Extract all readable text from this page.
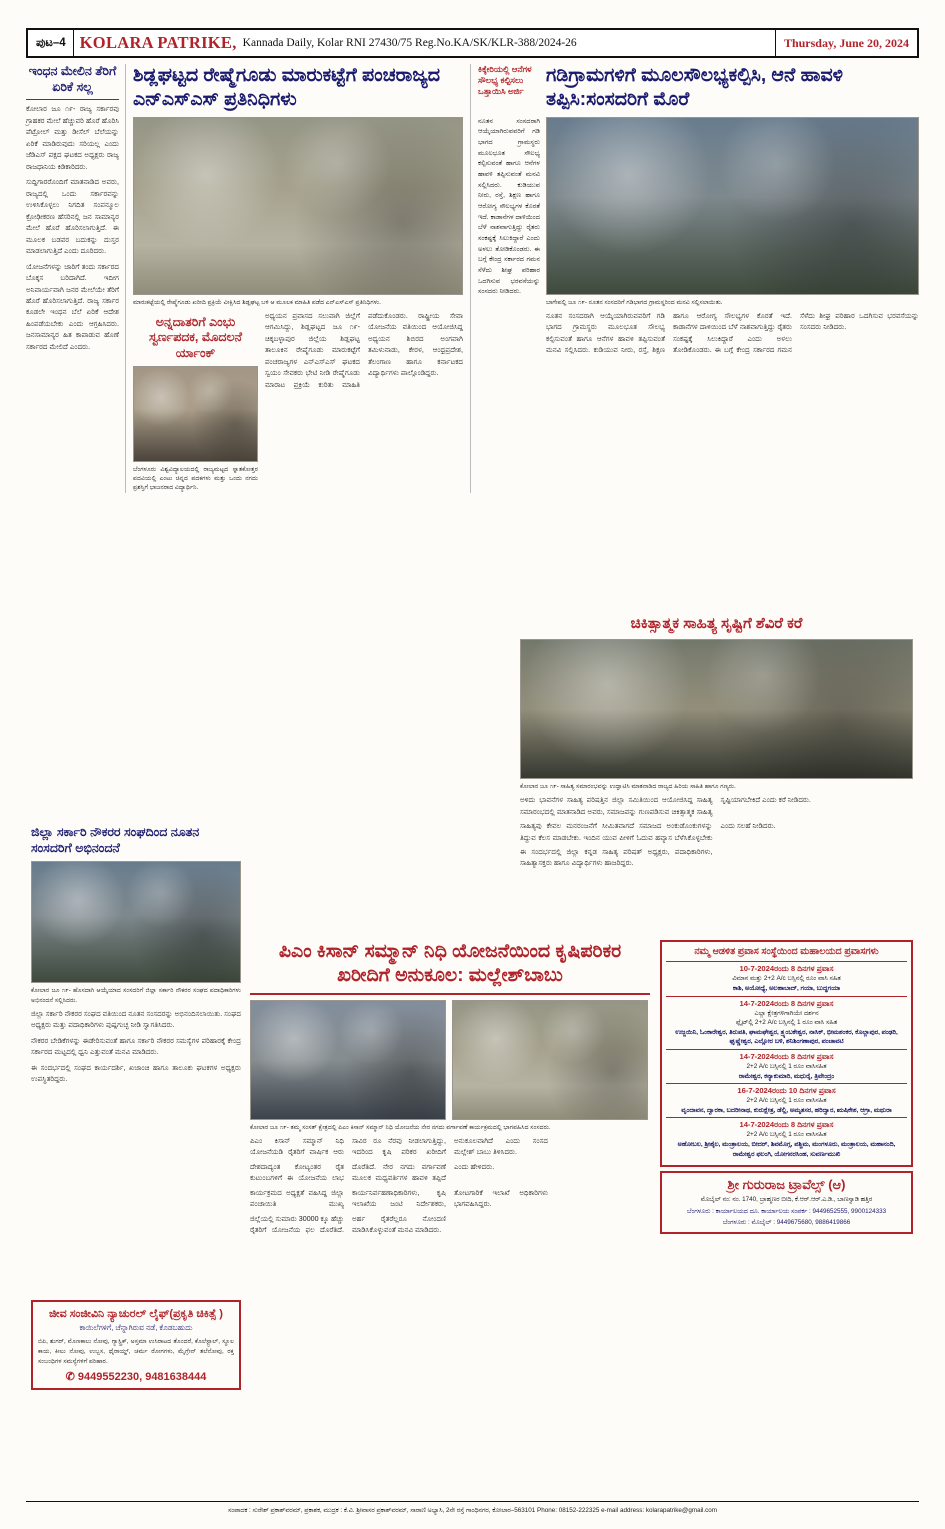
ಪುಟ–4 KOLARA PATRIKE, Kannada Daily, Kolar RNI 27430/75 Reg.No.KA/SK/KLR-388/2024-26	Thursday, June 20, 2024
ಇಂಧನ ಮೇಲಿನ ತೆರಿಗೆ ಏರಿಕೆ ಸಲ್ಲ
ಕೋಲಾರ ಜೂ ೧೯- ರಾಜ್ಯ ಸರ್ಕಾರವು ಗ್ರಾಹಕರ ಮೇಲೆ ಹೆಚ್ಚುವರಿ ಹೊರೆ ಹೊರಿಸಿ ಪೆಟ್ರೋಲ್ ಮತ್ತು ಡೀಸೆಲ್ ಬೆಲೆಯನ್ನು ಏರಿಕೆ ಮಾಡಿರುವುದು ಸರಿಯಲ್ಲ ಎಂದು ಜೆಡಿಎಸ್ ಪಕ್ಷದ ಘಟಕದ ಅಧ್ಯಕ್ಷರು ರಾಜ್ಯ ರಾಜಧಾನಿಯ ಕಿಡಿಕಾರಿದರು.
ಸುದ್ದಿಗಾರರೊಂದಿಗೆ ಮಾತನಾಡಿದ ಅವರು, ರಾಜ್ಯದಲ್ಲಿ ಒಂದು ಸರ್ಕಾರವನ್ನು ಉಳಿಸಿಕೊಳ್ಳಲು ನಿಗದಿತ ಸಂಪನ್ಮೂಲ ಕ್ರೋಢೀಕರಣ ಹೆಸರಿನಲ್ಲಿ ಜನ ಸಾಮಾನ್ಯರ ಮೇಲೆ ಹೊರೆ ಹೊರಿಸಲಾಗುತ್ತಿದೆ. ಈ ಮೂಲಕ ಬಡವರ ಬದುಕನ್ನು ದುಸ್ತರ ಮಾಡಲಾಗುತ್ತಿದೆ ಎಂದು ದೂರಿದರು.
ಯೋಜನೆಗಳನ್ನು ಜಾರಿಗೆ ತಂದು ಸರ್ಕಾರದ ಬೊಕ್ಕಸ ಬರಿದಾಗಿದೆ. ಇದೀಗ ಅನಿವಾರ್ಯವಾಗಿ ಜನರ ಮೇಲೆಯೇ ತೆರಿಗೆ ಹೊರೆ ಹೊರಿಸಲಾಗುತ್ತಿದೆ. ರಾಜ್ಯ ಸರ್ಕಾರ ಕೂಡಲೇ ಇಂಧನ ಬೆಲೆ ಏರಿಕೆ ಆದೇಶ ಹಿಂಪಡೆಯಬೇಕು ಎಂದು ಆಗ್ರಹಿಸಿದರು. ಜನಸಾಮಾನ್ಯರ ಹಿತ ಕಾಪಾಡುವ ಹೊಣೆ ಸರ್ಕಾರದ ಮೇಲಿದೆ ಎಂದರು.
ಶಿಡ್ಲಘಟ್ಟದ ರೇಷ್ಮೆಗೂಡು ಮಾರುಕಟ್ಟೆಗೆ ಪಂಚರಾಜ್ಯದ ಎನ್ಎಸ್ಎಸ್ ಪ್ರತಿನಿಧಿಗಳು
ಮಾರುಕಟ್ಟೆಯಲ್ಲಿ ರೇಷ್ಮೆಗೂಡು ಖರೀದಿ ಪ್ರಕ್ರಿಯೆ ವೀಕ್ಷಿಸಿದ ಶಿಡ್ಲಘಟ್ಟ ಬಳಿ ಆ ಮೂಲಕ ಮಾಹಿತಿ ಪಡೆದ ಎನ್ಎಸ್ಎಸ್ ಪ್ರತಿನಿಧಿಗಳು.
ಅನ್ನದಾತರಿಗೆ ಎಂಭು ಸ್ವರ್ಣಪದಕ, ಮೊದಲನೆ ರ್ಯಾಂಕ್
ಬೆಂಗಳೂರು ವಿಶ್ವವಿದ್ಯಾಲಯದಲ್ಲಿ ರಾಜ್ಯಮಟ್ಟದ ಸ್ನಾತಕೋತ್ತರ ಪದವಿಯಲ್ಲಿ ಎಂಟು ಚಿನ್ನದ ಪದಕಗಳು ಮತ್ತು ಒಂದು ನಗದು ಪ್ರಶಸ್ತಿಗೆ ಭಾಜನರಾದ ವಿದ್ಯಾರ್ಥಿನಿ.
ಅಧ್ಯಯನ ಪ್ರವಾಸದ ಸಲುವಾಗಿ ಜಿಲ್ಲೆಗೆ ಆಗಮಿಸಿದ್ದು, ಶಿಡ್ಲಘಟ್ಟದ ಜೂ ೧೯- ಚಿಕ್ಕಬಳ್ಳಾಪುರ ಜಿಲ್ಲೆಯ ಶಿಡ್ಲಘಟ್ಟ ತಾಲೂಕಿನ ರೇಷ್ಮೆಗೂಡು ಮಾರುಕಟ್ಟೆಗೆ ಪಂಚರಾಜ್ಯಗಳ ಎನ್ಎಸ್ಎಸ್ ಘಟಕದ ಸ್ವಯಂ ಸೇವಕರು ಭೇಟಿ ನೀಡಿ ರೇಷ್ಮೆಗೂಡು ಮಾರಾಟ ಪ್ರಕ್ರಿಯೆ ಕುರಿತು ಮಾಹಿತಿ ಪಡೆದುಕೊಂಡರು. ರಾಷ್ಟ್ರೀಯ ಸೇವಾ ಯೋಜನೆಯ ವತಿಯಿಂದ ಆಯೋಜಿಸಿದ್ದ ಅಧ್ಯಯನ ಶಿಬಿರದ ಅಂಗವಾಗಿ ತಮಿಳುನಾಡು, ಕೇರಳ, ಆಂಧ್ರಪ್ರದೇಶ, ತೆಲಂಗಾಣ ಹಾಗೂ ಕರ್ನಾಟಕದ ವಿದ್ಯಾರ್ಥಿಗಳು ಪಾಲ್ಗೊಂಡಿದ್ದರು.
ಕಿಕ್ಕೇರಿಯಲ್ಲಿ ಆನೆಗಳ ಸೌಲಭ್ಯ ಕಲ್ಪಿಸಲು ಒತ್ತಾಯಿಸಿ ಅರ್ಜಿ
ಗಡಿಗ್ರಾಮಗಳಿಗೆ ಮೂಲಸೌಲಭ್ಯಕಲ್ಪಿಸಿ, ಆನೆ ಹಾವಳಿ ತಪ್ಪಿಸಿ:ಸಂಸದರಿಗೆ ಮೊರೆ
ನೂತನ ಸಂಸದರಾಗಿ ಆಯ್ಕೆಯಾಗಿರುವವರಿಗೆ ಗಡಿ ಭಾಗದ ಗ್ರಾಮಸ್ಥರು ಮೂಲಭೂತ ಸೌಲಭ್ಯ ಕಲ್ಪಿಸುವಂತೆ ಹಾಗೂ ಆನೆಗಳ ಹಾವಳಿ ತಪ್ಪಿಸುವಂತೆ ಮನವಿ ಸಲ್ಲಿಸಿದರು. ಕುಡಿಯುವ ನೀರು, ರಸ್ತೆ, ಶಿಕ್ಷಣ ಹಾಗೂ ಆರೋಗ್ಯ ಸೌಲಭ್ಯಗಳ ಕೊರತೆ ಇದೆ. ಕಾಡಾನೆಗಳ ದಾಳಿಯಿಂದ ಬೆಳೆ ನಾಶವಾಗುತ್ತಿದ್ದು ರೈತರು ಸಂಕಷ್ಟಕ್ಕೆ ಸಿಲುಕಿದ್ದಾರೆ ಎಂದು ಅಳಲು ತೋಡಿಕೊಂಡರು. ಈ ಬಗ್ಗೆ ಕೇಂದ್ರ ಸರ್ಕಾರದ ಗಮನ ಸೆಳೆದು ಶೀಘ್ರ ಪರಿಹಾರ ಒದಗಿಸುವ ಭರವಸೆಯನ್ನು ಸಂಸದರು ನೀಡಿದರು.
ಬಾಗೇಪಲ್ಲಿ ಜೂ ೧೯- ನೂತನ ಸಂಸದರಿಗೆ ಗಡಿಭಾಗದ ಗ್ರಾಮಸ್ಥರಿಂದ ಮನವಿ ಸಲ್ಲಿಸಲಾಯಿತು.
ನೂತನ ಸಂಸದರಾಗಿ ಆಯ್ಕೆಯಾಗಿರುವವರಿಗೆ ಗಡಿ ಭಾಗದ ಗ್ರಾಮಸ್ಥರು ಮೂಲಭೂತ ಸೌಲಭ್ಯ ಕಲ್ಪಿಸುವಂತೆ ಹಾಗೂ ಆನೆಗಳ ಹಾವಳಿ ತಪ್ಪಿಸುವಂತೆ ಮನವಿ ಸಲ್ಲಿಸಿದರು. ಕುಡಿಯುವ ನೀರು, ರಸ್ತೆ, ಶಿಕ್ಷಣ ಹಾಗೂ ಆರೋಗ್ಯ ಸೌಲಭ್ಯಗಳ ಕೊರತೆ ಇದೆ. ಕಾಡಾನೆಗಳ ದಾಳಿಯಿಂದ ಬೆಳೆ ನಾಶವಾಗುತ್ತಿದ್ದು ರೈತರು ಸಂಕಷ್ಟಕ್ಕೆ ಸಿಲುಕಿದ್ದಾರೆ ಎಂದು ಅಳಲು ತೋಡಿಕೊಂಡರು. ಈ ಬಗ್ಗೆ ಕೇಂದ್ರ ಸರ್ಕಾರದ ಗಮನ ಸೆಳೆದು ಶೀಘ್ರ ಪರಿಹಾರ ಒದಗಿಸುವ ಭರವಸೆಯನ್ನು ಸಂಸದರು ನೀಡಿದರು.
ಚಿಕಿತ್ಸಾತ್ಮಕ ಸಾಹಿತ್ಯ ಸೃಷ್ಟಿಗೆ ಶೆವಿರೆ ಕರೆ
ಕೋಲಾರ ಜೂ ೧೯- ಸಾಹಿತ್ಯ ಸಮಾರಂಭವನ್ನು ಉದ್ಘಾಟಿಸಿ ಮಾತನಾಡಿದ ರಾಜ್ಯದ ಹಿರಿಯ ಸಾಹಿತಿ ಹಾಗೂ ಗಣ್ಯರು.
ಅಳಿದು ಭಾವನೆಗಳ ಸಾಹಿತ್ಯ ಪರಿಷತ್ತಿನ ಜಿಲ್ಲಾ ಸಮಿತಿಯಿಂದ ಆಯೋಜಿಸಿದ್ದ ಸಾಹಿತ್ಯ ಸಮಾರಂಭದಲ್ಲಿ ಮಾತನಾಡಿದ ಅವರು, ಸಮಾಜವನ್ನು ಗುಣಪಡಿಸುವ ಚಿಕಿತ್ಸಾತ್ಮಕ ಸಾಹಿತ್ಯ ಸೃಷ್ಟಿಯಾಗಬೇಕಿದೆ ಎಂದು ಕರೆ ನೀಡಿದರು.
ಸಾಹಿತ್ಯವು ಕೇವಲ ಮನರಂಜನೆಗೆ ಸೀಮಿತವಾಗದೆ ಸಮಾಜದ ಅಂಕುಡೊಂಕುಗಳನ್ನು ತಿದ್ದುವ ಕೆಲಸ ಮಾಡಬೇಕು. ಇಂದಿನ ಯುವ ಪೀಳಿಗೆ ಓದುವ ಹವ್ಯಾಸ ಬೆಳೆಸಿಕೊಳ್ಳಬೇಕು ಎಂದು ಸಲಹೆ ನೀಡಿದರು.
ಈ ಸಂದರ್ಭದಲ್ಲಿ ಜಿಲ್ಲಾ ಕನ್ನಡ ಸಾಹಿತ್ಯ ಪರಿಷತ್ ಅಧ್ಯಕ್ಷರು, ಪದಾಧಿಕಾರಿಗಳು, ಸಾಹಿತ್ಯಾಸಕ್ತರು ಹಾಗೂ ವಿದ್ಯಾರ್ಥಿಗಳು ಹಾಜರಿದ್ದರು.
ಜಿಲ್ಲಾ ಸರ್ಕಾರಿ ನೌಕರರ ಸಂಘದಿಂದ ನೂತನ ಸಂಸದರಿಗೆ ಅಭಿನಂದನೆ
ಕೋಲಾರ ಜೂ ೧೯- ಹೊಸದಾಗಿ ಆಯ್ಕೆಯಾದ ಸಂಸದರಿಗೆ ಜಿಲ್ಲಾ ಸರ್ಕಾರಿ ನೌಕರರ ಸಂಘದ ಪದಾಧಿಕಾರಿಗಳು ಅಭಿನಂದನೆ ಸಲ್ಲಿಸಿದರು.
ಜಿಲ್ಲಾ ಸರ್ಕಾರಿ ನೌಕರರ ಸಂಘದ ವತಿಯಿಂದ ನೂತನ ಸಂಸದರನ್ನು ಅಭಿನಂದಿಸಲಾಯಿತು. ಸಂಘದ ಅಧ್ಯಕ್ಷರು ಮತ್ತು ಪದಾಧಿಕಾರಿಗಳು ಪುಷ್ಪಗುಚ್ಛ ನೀಡಿ ಸ್ವಾಗತಿಸಿದರು.
ನೌಕರರ ಬೇಡಿಕೆಗಳನ್ನು ಈಡೇರಿಸುವಂತೆ ಹಾಗೂ ಸರ್ಕಾರಿ ನೌಕರರ ಸಮಸ್ಯೆಗಳ ಪರಿಹಾರಕ್ಕೆ ಕೇಂದ್ರ ಸರ್ಕಾರದ ಮಟ್ಟದಲ್ಲಿ ಧ್ವನಿ ಎತ್ತುವಂತೆ ಮನವಿ ಮಾಡಿದರು.
ಈ ಸಂದರ್ಭದಲ್ಲಿ ಸಂಘದ ಕಾರ್ಯದರ್ಶಿ, ಖಜಾಂಚಿ ಹಾಗೂ ತಾಲೂಕು ಘಟಕಗಳ ಅಧ್ಯಕ್ಷರು ಉಪಸ್ಥಿತರಿದ್ದರು.
ಜೀವ ಸಂಜೀವಿನಿ ನ್ಯಾಚುರಲ್ ಲೈಫ್(ಪ್ರಕೃತಿ ಚಿಕಿತ್ಸೆ )
ಕಾಯಿಲೆಗಳಿಗೆ, ಚೆನ್ನಾಗಿರುವ ನಡೆ, ಕೊಡಬಹುದು
ಬಿಪಿ, ಶುಗರ್, ಮೊಣಕಾಲು ನೋವು, ಗ್ಯಾಸ್ಟ್ರಿಕ್, ಅಸ್ತಮಾ ಉಸಿರಾಟದ ತೊಂದರೆ, ಕೊಲೆಸ್ಟ್ರಾಲ್, ಸ್ಥೂಲ ಕಾಯ, ಕೀಲು ನೋವು, ಉಬ್ಬಸ, ಥೈರಾಯ್ಡ್, ಚರ್ಮ ರೋಗಗಳು, ಮೈಗ್ರೇನ್ ತಲೆನೋವು, ರಕ್ತ ಸಂಬಂಧಿಗಳ ಸಮಸ್ಯೆಗಳಿಗೆ ಪರಿಹಾರ.
✆ 9449552230, 9481638444
ಪಿಎಂ ಕಿಸಾನ್ ಸಮ್ಮಾನ್ ನಿಧಿ ಯೋಜನೆಯಿಂದ ಕೃಷಿಪರಿಕರ ಖರೀದಿಗೆ ಅನುಕೂಲ: ಮಲ್ಲೇಶ್‌ಬಾಬು
ಕೋಲಾರ ಜೂ ೧೯- ತಮ್ಮ ಸಂಸತ್ ಕ್ಷೇತ್ರದಲ್ಲಿ ಪಿಎಂ ಕಿಸಾನ್ ಸಮ್ಮಾನ್ ನಿಧಿ ಯೋಜನೆಯ ನೇರ ನಗದು ವರ್ಗಾವಣೆ ಕಾರ್ಯಕ್ರಮದಲ್ಲಿ ಭಾಗವಹಿಸಿದ ಸಂಸದರು.
ಪಿಎಂ ಕಿಸಾನ್ ಸಮ್ಮಾನ್ ನಿಧಿ ಯೋಜನೆಯಡಿ ರೈತರಿಗೆ ವಾರ್ಷಿಕ ಆರು ಸಾವಿರ ರೂ ನೆರವು ನೀಡಲಾಗುತ್ತಿದ್ದು, ಇದರಿಂದ ಕೃಷಿ ಪರಿಕರ ಖರೀದಿಗೆ ಅನುಕೂಲವಾಗಿದೆ ಎಂದು ಸಂಸದ ಮಲ್ಲೇಶ್ ಬಾಬು ತಿಳಿಸಿದರು.
ದೇಶದಾದ್ಯಂತ ಕೋಟ್ಯಂತರ ರೈತ ಕುಟುಂಬಗಳಿಗೆ ಈ ಯೋಜನೆಯ ಲಾಭ ದೊರೆತಿದೆ. ನೇರ ನಗದು ವರ್ಗಾವಣೆ ಮೂಲಕ ಮಧ್ಯವರ್ತಿಗಳ ಹಾವಳಿ ತಪ್ಪಿದೆ ಎಂದು ಹೇಳಿದರು.
ಕಾರ್ಯಕ್ರಮದ ಅಧ್ಯಕ್ಷತೆ ವಹಿಸಿದ್ದ ಜಿಲ್ಲಾ ಪಂಚಾಯಿತಿ ಮುಖ್ಯ ಕಾರ್ಯನಿರ್ವಹಣಾಧಿಕಾರಿಗಳು, ಕೃಷಿ ಇಲಾಖೆಯ ಜಂಟಿ ನಿರ್ದೇಶಕರು, ತೋಟಗಾರಿಕೆ ಇಲಾಖೆ ಅಧಿಕಾರಿಗಳು ಭಾಗವಹಿಸಿದ್ದರು.
ಜಿಲ್ಲೆಯಲ್ಲಿ ಸುಮಾರು 30000 ಕ್ಕೂ ಹೆಚ್ಚು ರೈತರಿಗೆ ಯೋಜನೆಯ ಫಲ ದೊರೆತಿದೆ. ಅರ್ಹ ರೈತರೆಲ್ಲರೂ ನೋಂದಣಿ ಮಾಡಿಸಿಕೊಳ್ಳುವಂತೆ ಮನವಿ ಮಾಡಿದರು.
ನಮ್ಮ ಆಡಳಿತ ಪ್ರವಾಸ ಸಂಸ್ಥೆಯಿಂದ ಮಹಾಲಯದ ಪ್ರವಾಸಗಳು
10-7-2024ರಂದು 8 ದಿನಗಳ ಪ್ರವಾಸ
ವಿಮಾನ ಮತ್ತು 2+2 A/c ಬಸ್ಸಿನಲ್ಲಿ ರೂಂ ವಾಸಿ ಸಹಿತ
ಕಾಶಿ, ಅಯೋಧ್ಯೆ, ಅಲಹಾಬಾದ್, ಗಯಾ, ಬುದ್ಧಗಯಾ
14-7-2024ರಂದು 8 ದಿನಗಳ ಪ್ರವಾಸ
ಎಲ್ಲಾ ಕ್ಷೇತ್ರಗಳಿಗಾಗಿಯೇ ದರ್ಶನ
ಫ್ಲೈಟ್‌ಲ್ಲಿ 2+2 A/c ಬಸ್ಸಿನಲ್ಲಿ 1 ರೂಂ ವಾಸಿ ಸಹಿತ
ಉಜ್ಜಯಿನಿ, ಓಂಕಾರೇಶ್ವರ, ತಿರುಪತಿ, ಘಾಮಘೇಶ್ವರ, ತ್ರ್ಯಂಬಕೇಶ್ವರ, ನಾಸಿಕ್, ಭೀಮಶಂಕರ, ಕೊಲ್ಲಾಪುರ, ಪಂಢರಿ, ಘೃಷ್ಣೇಶ್ವರ, ಎಲ್ಲೋರ ಬಳಿ, ಶನಿಶಿಂಗಣಾಪುರ, ಪಂಚಾವಟಿ
14-7-2024ರಂದು 8 ದಿನಗಳ ಪ್ರವಾಸ
2+2 A/c ಬಸ್ಸಿನಲ್ಲಿ 1 ರೂಂ ವಾಸಿಸಹಿತ
ರಾಮೇಶ್ವರ, ಕನ್ಯಾಕುಮಾರಿ, ಮಧುರೈ, ತ್ರಿವೇಂದ್ರಂ
16-7-2024ರಂದು 10 ದಿನಗಳ ಪ್ರವಾಸ
2+2 A/c ಬಸ್ಸಿನಲ್ಲಿ 1 ರೂಂ ವಾಸಿಸಹಿತ
ವೃಂದಾವನ, ದ್ವಾರಕಾ, ಬದರೀನಾಥ, ಕುರುಕ್ಷೇತ್ರ, ಡೆಲ್ಲಿ, ಅಮೃತಸರ, ಹರಿದ್ವಾರ, ಋಷಿಕೇಶ, ಆಗ್ರಾ, ಮಥುರಾ
14-7-2024ರಂದು 8 ದಿನಗಳ ಪ್ರವಾಸ
2+2 A/c ಬಸ್ಸಿನಲ್ಲಿ 1 ರೂಂ ವಾಸಿಸಹಿತ
ಅಹೋಬಲ, ಶ್ರೀಶೈಲ, ಮಂತ್ರಾಲಯ, ಬೀದರ್, ಶಿವಮೊಗ್ಗ, ಪಶ್ಚಿಮ, ಮಂಗಳೂರು, ಮಂತ್ರಾಲಯ, ಮಹಾನಂದಿ, ರಾಮೇಶ್ವರ ಫಲಂಗಿ, ಯೋಗನರಸಿಂಹ, ಸುವರ್ಣಮುಖಿ
ಶ್ರೀ ಗುರುರಾಜ ಟ್ರಾವೆಲ್ಸ್ (ಆ)
ಮೊಬೈಲ್ ನಂ: ನಂ. 1740, ಬ್ರಾಹ್ಮಣರ ಬೀದಿ, ಕೆ.ಆರ್.ಆರ್.ಎ.ಡಿ., ಬಾಣಸ್ವಾಡಿ ಹತ್ತಿರ
ಬೆಂಗಳೂರು : ಕಾರ್ಯಾಲಯದ ದೂ. ಕಾರ್ಯಾಲಯ ಸಂಪರ್ಕ : 9449652555, 9900124333
ಬೆಂಗಳೂರು : ಮೊಬೈಲ್ : 9449675680, 9886419866
ಸಂಪಾದಕ : ಸುರೇಶ್ ಪ್ರಕಾಶ್‌ವರಮ್, ಪ್ರಕಾಶಕ, ಮುದ್ರಕ : ಕೆ.ವಿ. ಶ್ರೀವಾಸರ ಪ್ರಕಾಶ್‌ವರಮ್, ಸಾರಾಣಿ ಅಭ್ಯಾಸಿ, 2ನೇ ರಸ್ತೆ ಗಾಂಧಿನಗರ, ಕೋಲಾರ–563101 Phone: 08152-222325 e-mail address: kolarapatrike@gmail.com
